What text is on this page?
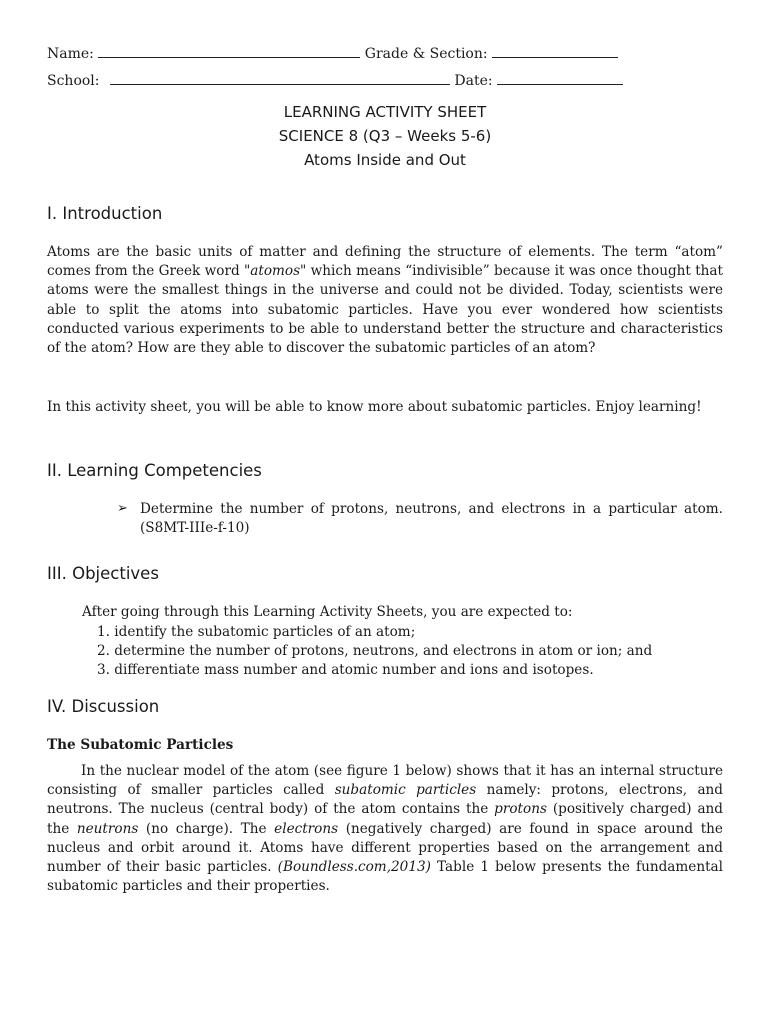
Name:	Grade & Section:
School:	Date:
LEARNING ACTIVITY SHEET
SCIENCE 8 (Q3 – Weeks 5-6)
Atoms Inside and Out
I. Introduction
Atoms are the basic units of matter and defining the structure of elements. The term “atom” comes from the Greek word "atomos" which means “indivisible” because it was once thought that atoms were the smallest things in the universe and could not be divided. Today, scientists were able to split the atoms into subatomic particles. Have you ever wondered how scientists conducted various experiments to be able to understand better the structure and characteristics of the atom? How are they able to discover the subatomic particles of an atom?
In this activity sheet, you will be able to know more about subatomic particles. Enjoy learning!
II. Learning Competencies
➢ Determine the number of protons, neutrons, and electrons in a particular atom. (S8MT-IIIe-f-10)
III. Objectives
After going through this Learning Activity Sheets, you are expected to:
1. identify the subatomic particles of an atom;
2. determine the number of protons, neutrons, and electrons in atom or ion; and
3. differentiate mass number and atomic number and ions and isotopes.
IV. Discussion
The Subatomic Particles
In the nuclear model of the atom (see figure 1 below) shows that it has an internal structure consisting of smaller particles called subatomic particles namely: protons, electrons, and neutrons. The nucleus (central body) of the atom contains the protons (positively charged) and the neutrons (no charge). The electrons (negatively charged) are found in space around the nucleus and orbit around it. Atoms have different properties based on the arrangement and number of their basic particles. (Boundless.com,2013) Table 1 below presents the fundamental subatomic particles and their properties.
